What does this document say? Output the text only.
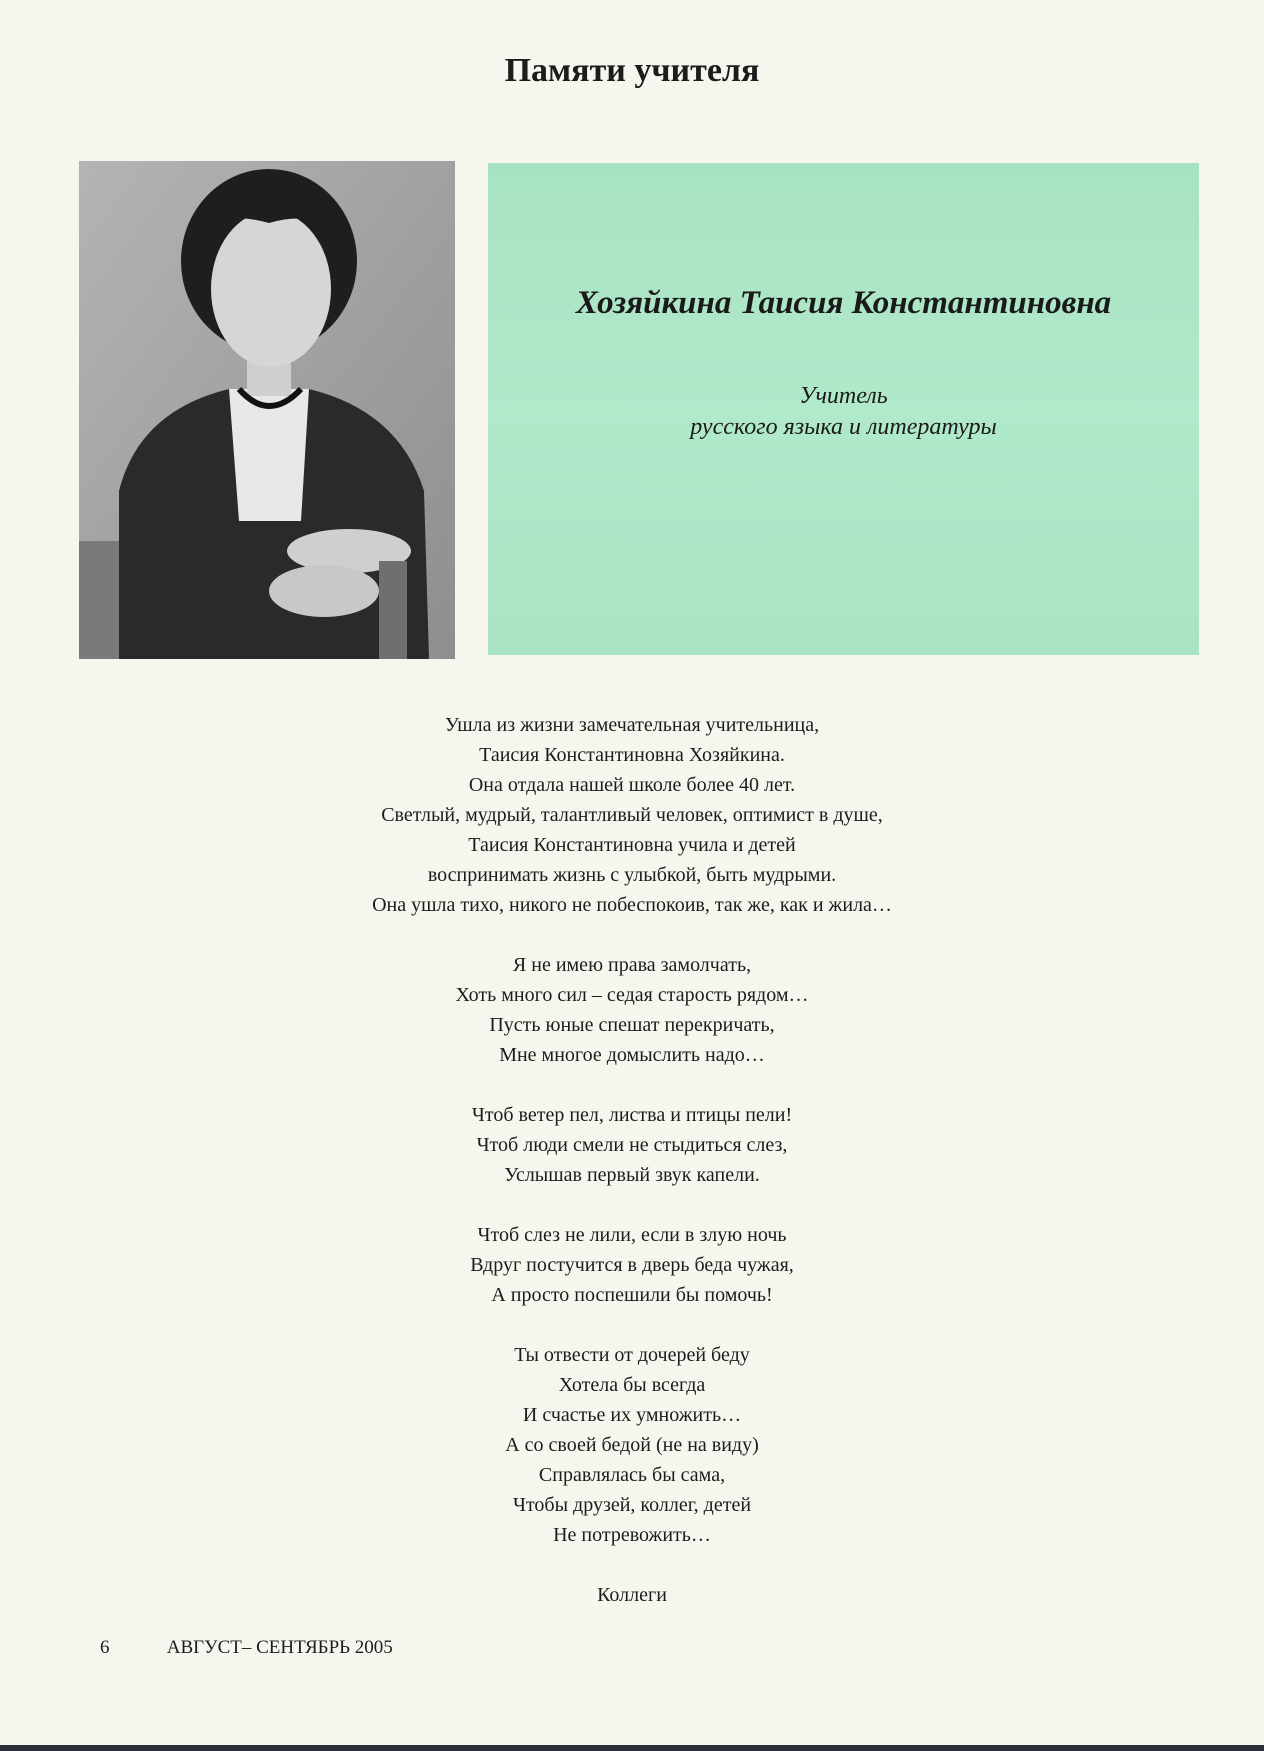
Памяти учителя
Хозяйкина Таисия Константиновна
Учитель
русского языка и литературы
Ушла из жизни замечательная учительница,
Таисия Константиновна Хозяйкина.
Она отдала нашей школе более 40 лет.
Светлый, мудрый, талантливый человек, оптимист в душе,
Таисия Константиновна учила и детей
воспринимать жизнь с улыбкой, быть мудрыми.
Она ушла тихо, никого не побеспокоив, так же, как и жила…
Я не имею права замолчать,
Хоть много сил – седая старость рядом…
Пусть юные спешат перекричать,
Мне многое домыслить надо…
Чтоб ветер пел, листва и птицы пели!
Чтоб люди смели не стыдиться слез,
Услышав первый звук капели.
Чтоб слез не лили, если в злую ночь
Вдруг постучится в дверь беда чужая,
А просто поспешили бы помочь!
Ты отвести от дочерей беду
Хотела бы всегда
И счастье их умножить…
А со своей бедой (не на виду)
Справлялась бы сама,
Чтобы друзей, коллег, детей
Не потревожить…
Коллеги
6	АВГУСТ– СЕНТЯБРЬ 2005
